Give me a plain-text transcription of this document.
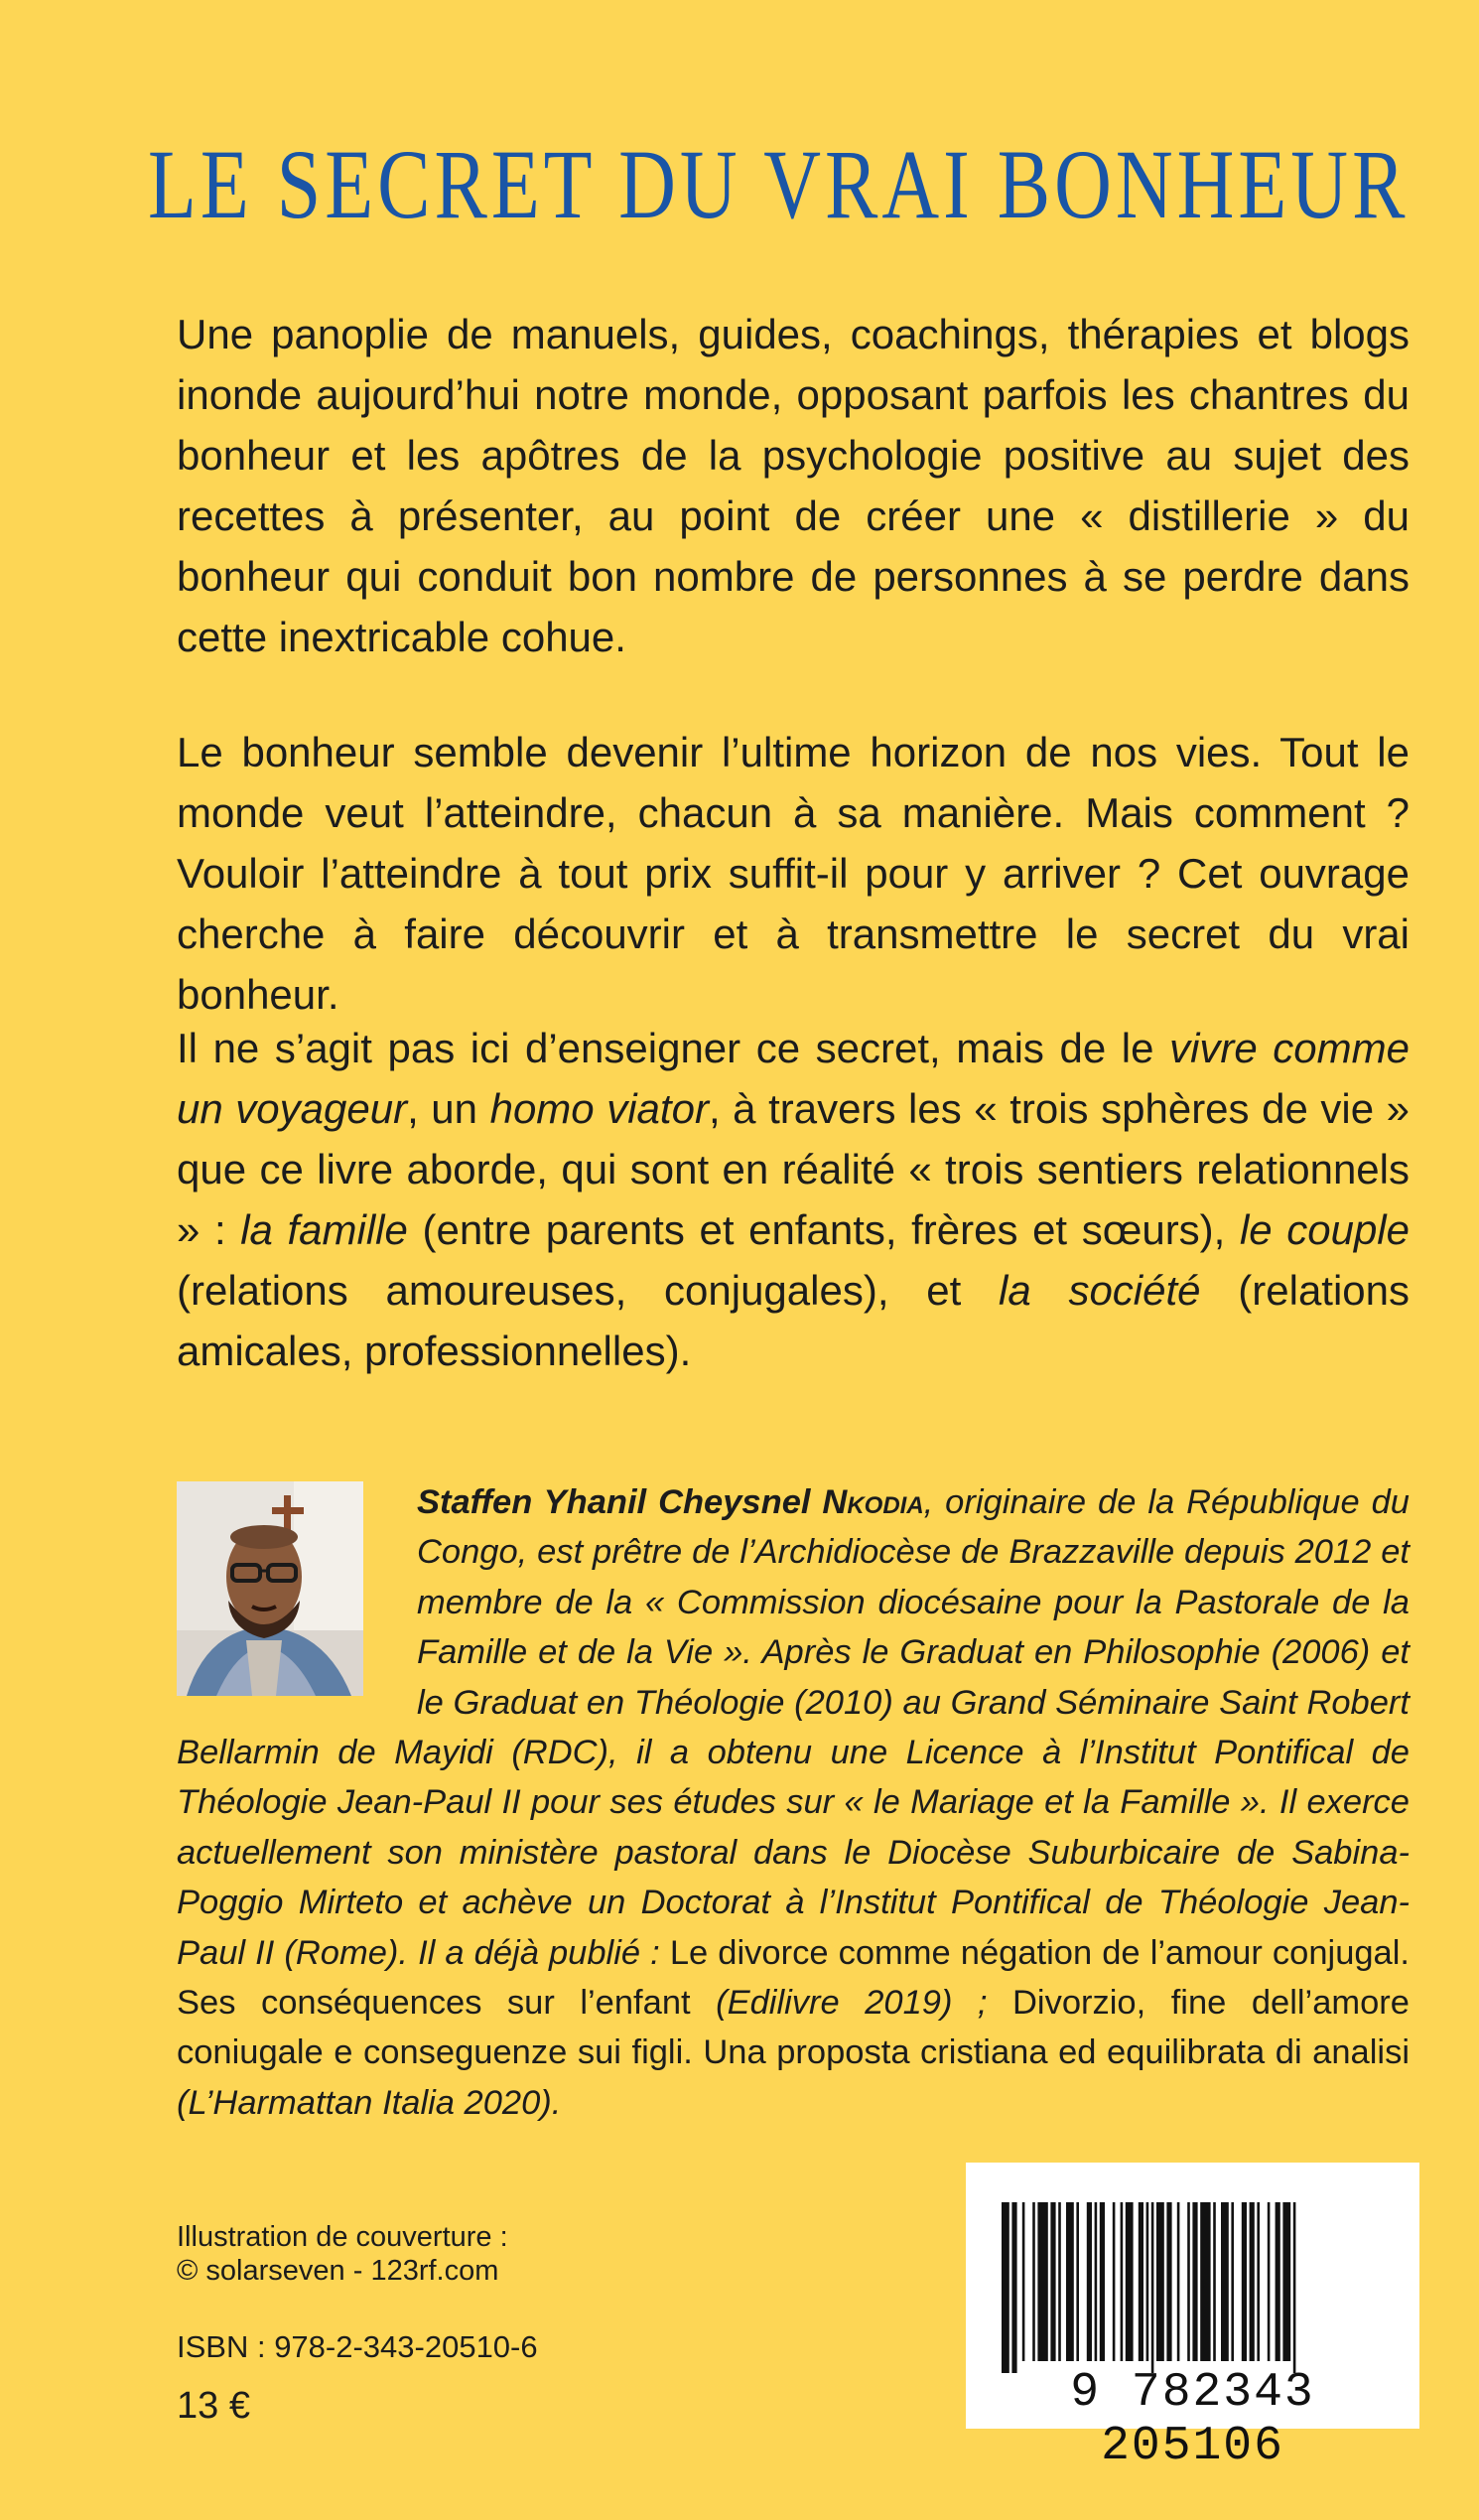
LE SECRET DU VRAI BONHEUR
Une panoplie de manuels, guides, coachings, thérapies et blogs inonde aujourd’hui notre monde, opposant parfois les chantres du bonheur et les apôtres de la psychologie positive au sujet des recettes à présenter, au point de créer une « distillerie » du bonheur qui conduit bon nombre de personnes à se perdre dans cette inextricable cohue.
Le bonheur semble devenir l’ultime horizon de nos vies. Tout le monde veut l’atteindre, chacun à sa manière. Mais comment ? Vouloir l’atteindre à tout prix suffit-il pour y arriver ? Cet ouvrage cherche à faire découvrir et à transmettre le secret du vrai bonheur.
Il ne s’agit pas ici d’enseigner ce secret, mais de le vivre comme un voyageur, un homo viator, à travers les « trois sphères de vie » que ce livre aborde, qui sont en réalité « trois sentiers relationnels » : la famille (entre parents et enfants, frères et sœurs), le couple (relations amoureuses, conjugales), et la société (relations amicales, professionnelles).
Staffen Yhanil Cheysnel Nkodia, originaire de la République du Congo, est prêtre de l’Archidiocèse de Brazzaville depuis 2012 et membre de la « Commission diocésaine pour la Pastorale de la Famille et de la Vie ». Après le Graduat en Philosophie (2006) et le Graduat en Théologie (2010) au Grand Séminaire Saint Robert Bellarmin de Mayidi (RDC), il a obtenu une Licence à l’Institut Pontifical de Théologie Jean-Paul II pour ses études sur « le Mariage et la Famille ». Il exerce actuellement son ministère pastoral dans le Diocèse Suburbicaire de Sabina-Poggio Mirteto et achève un Doctorat à l’Institut Pontifical de Théologie Jean-Paul II (Rome). Il a déjà publié : Le divorce comme négation de l’amour conjugal. Ses conséquences sur l’enfant (Edilivre 2019) ; Divorzio, fine dell’amore coniugale e conseguenze sui figli. Una proposta cristiana ed equilibrata di analisi (L’Harmattan Italia 2020).
Illustration de couverture :
© solarseven - 123rf.com
ISBN : 978-2-343-20510-6
13 €	9 782343 205106
